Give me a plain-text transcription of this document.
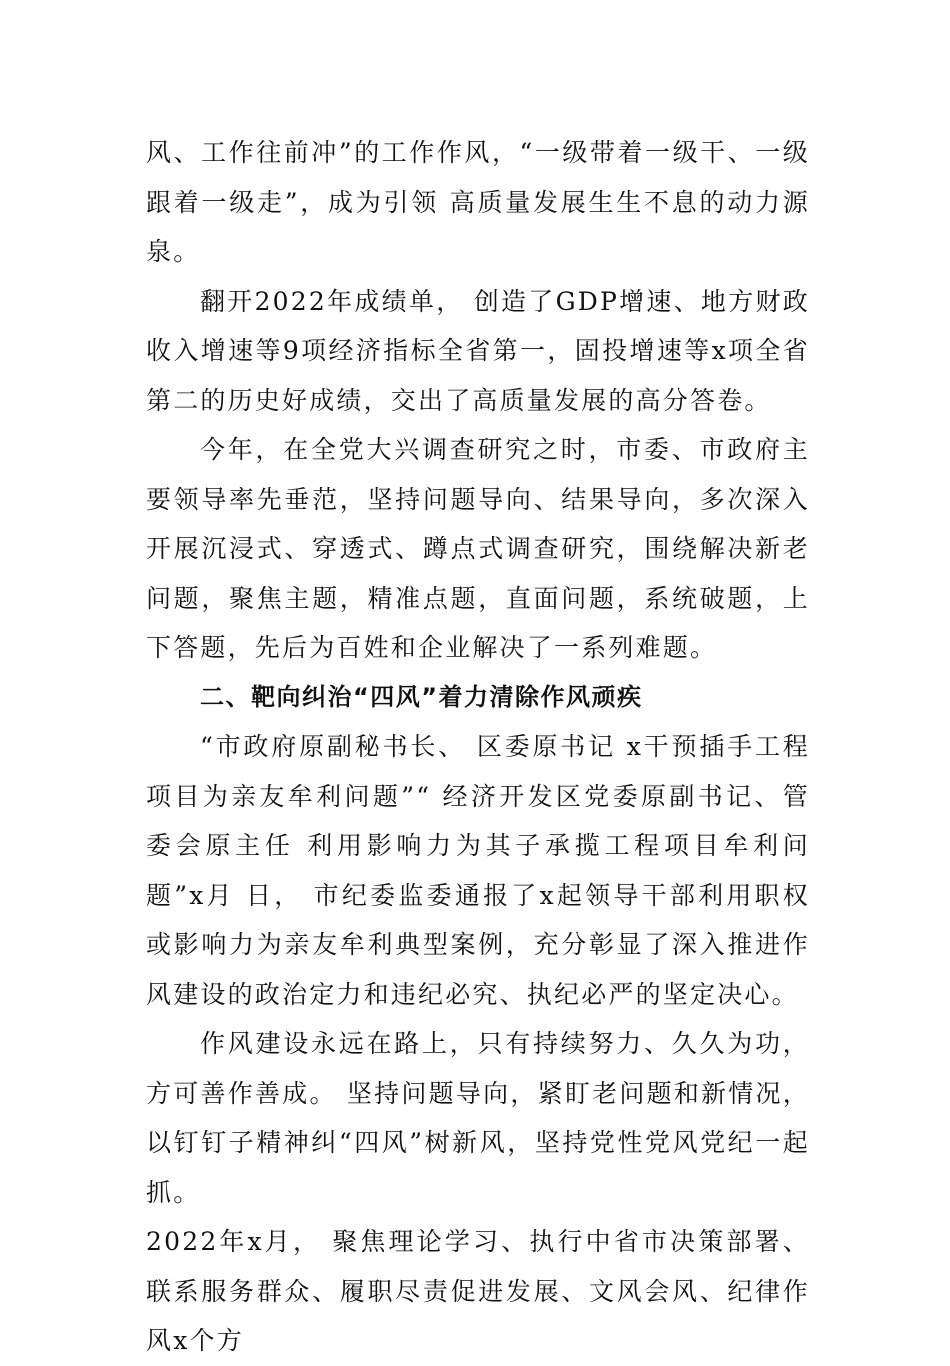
风、工作往前冲”的工作作风，“一级带着一级干、一级跟着一级走”，成为引领 高质量发展生生不息的动力源泉。

翻开2022年成绩单， 创造了GDP增速、地方财政收入增速等9项经济指标全省第一，固投增速等x项全省第二的历史好成绩，交出了高质量发展的高分答卷。

今年，在全党大兴调查研究之时，市委、市政府主要领导率先垂范，坚持问题导向、结果导向，多次深入开展沉浸式、穿透式、蹲点式调查研究，围绕解决新老问题，聚焦主题，精准点题，直面问题，系统破题，上下答题，先后为百姓和企业解决了一系列难题。

二、靶向纠治“四风”着力清除作风顽疾

“市政府原副秘书长、 区委原书记 x干预插手工程项目为亲友牟利问题”“ 经济开发区党委原副书记、管委会原主任 利用影响力为其子承揽工程项目牟利问题”x月 日， 市纪委监委通报了x起领导干部利用职权或影响力为亲友牟利典型案例，充分彰显了深入推进作风建设的政治定力和违纪必究、执纪必严的坚定决心。

作风建设永远在路上，只有持续努力、久久为功，方可善作善成。 坚持问题导向，紧盯老问题和新情况，以钉钉子精神纠“四风”树新风，坚持党性党风党纪一起抓。

2022年x月， 聚焦理论学习、执行中省市决策部署、联系服务群众、履职尽责促进发展、文风会风、纪律作风x个方
